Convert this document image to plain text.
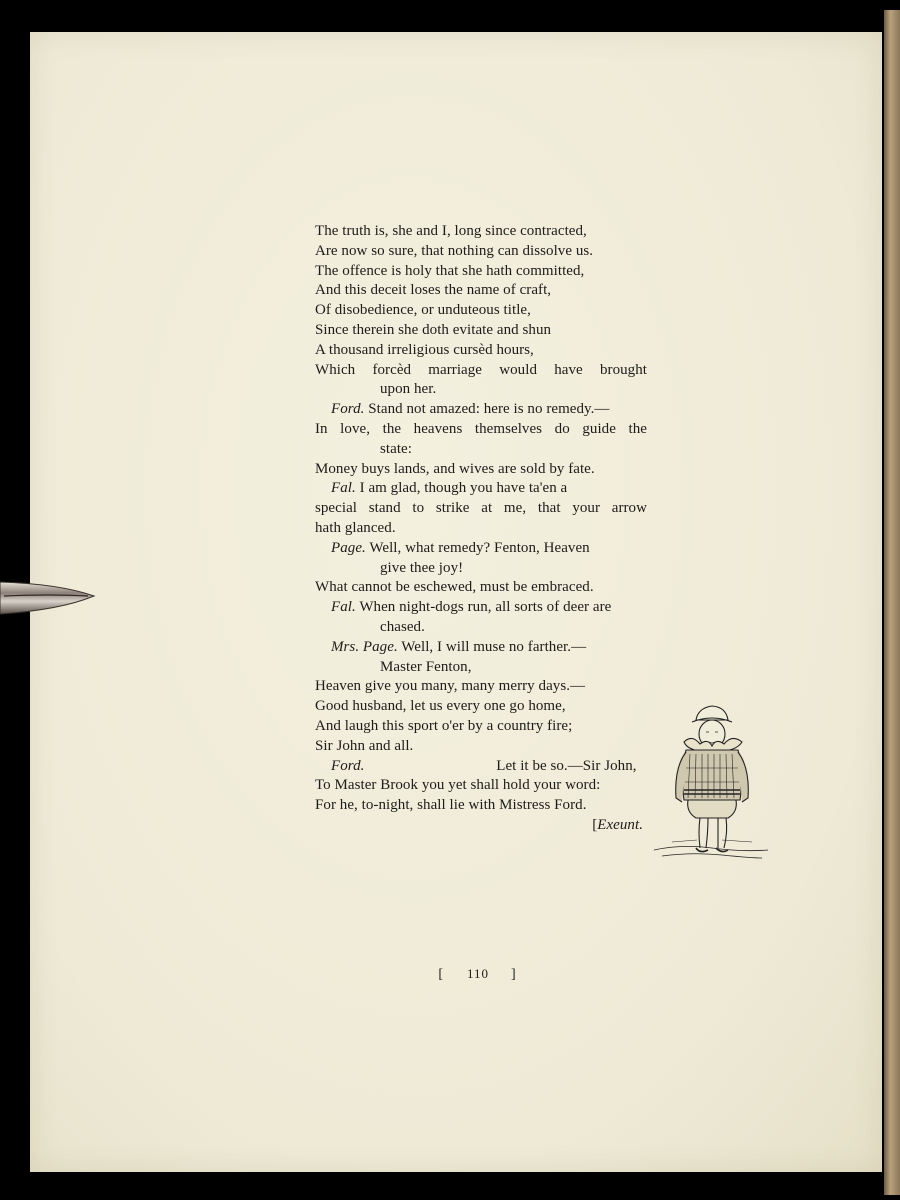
The truth is, she and I, long since contracted,
Are now so sure, that nothing can dissolve us.
The offence is holy that she hath committed,
And this deceit loses the name of craft,
Of disobedience, or unduteous title,
Since therein she doth evitate and shun
A thousand irreligious cursèd hours,
Which forcèd marriage would have brought
upon her.
Ford. Stand not amazed: here is no remedy.—
In love, the heavens themselves do guide the
state:
Money buys lands, and wives are sold by fate.
Fal. I am glad, though you have ta'en a
special stand to strike at me, that your arrow
hath glanced.
Page. Well, what remedy? Fenton, Heaven
give thee joy!
What cannot be eschewed, must be embraced.
Fal. When night-dogs run, all sorts of deer are
chased.
Mrs. Page. Well, I will muse no farther.—
Master Fenton,
Heaven give you many, many merry days.—
Good husband, let us every one go home,
And laugh this sport o'er by a country fire;
Sir John and all.
Ford.	Let it be so.—Sir John,
To Master Brook you yet shall hold your word:
For he, to-night, shall lie with Mistress Ford.
[Exeunt.
[ 110 ]
